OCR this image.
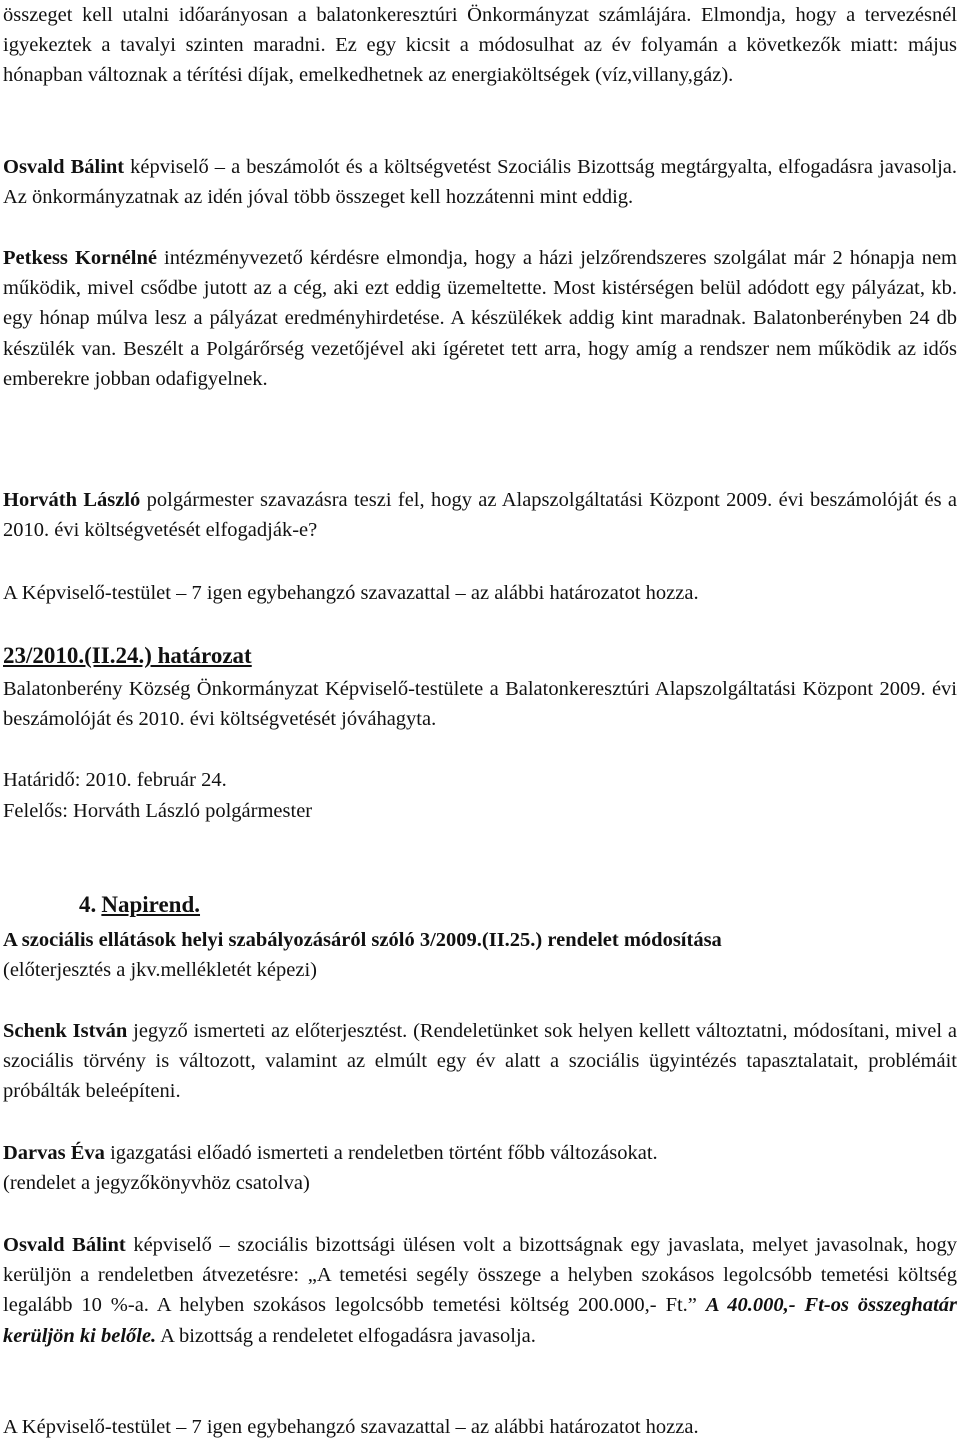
összeget kell utalni időarányosan a balatonkeresztúri Önkormányzat számlájára. Elmondja, hogy a tervezésnél igyekeztek a tavalyi szinten maradni. Ez egy kicsit a módosulhat az év folyamán a következők miatt: május hónapban változnak a térítési díjak, emelkedhetnek az energiaköltségek (víz,villany,gáz).

Osvald Bálint képviselő – a beszámolót és a költségvetést Szociális Bizottság megtárgyalta, elfogadásra javasolja. Az önkormányzatnak az idén jóval több összeget kell hozzátenni mint eddig.

Petkess Kornélné intézményvezető kérdésre elmondja, hogy a házi jelzőrendszeres szolgálat már 2 hónapja nem működik, mivel csődbe jutott az a cég, aki ezt eddig üzemeltette. Most kistérségen belül adódott egy pályázat, kb. egy hónap múlva lesz a pályázat eredményhirdetése. A készülékek addig kint maradnak. Balatonberényben 24 db készülék van. Beszélt a Polgárőrség vezetőjével aki ígéretet tett arra, hogy amíg a rendszer nem működik az idős emberekre jobban odafigyelnek.

Horváth László polgármester szavazásra teszi fel, hogy az Alapszolgáltatási Központ 2009. évi beszámolóját és a 2010. évi költségvetését elfogadják-e?

A Képviselő-testület – 7 igen egybehangzó szavazattal – az alábbi határozatot hozza.

23/2010.(II.24.) határozat

Balatonberény Község Önkormányzat Képviselő-testülete a Balatonkeresztúri Alapszolgáltatási Központ 2009. évi beszámolóját és 2010. évi költségvetését jóváhagyta.

Határidő: 2010. február 24.

Felelős: Horváth László polgármester

4. Napirend.

A szociális ellátások helyi szabályozásáról szóló 3/2009.(II.25.) rendelet módosítása

(előterjesztés a jkv.mellékletét képezi)

Schenk István jegyző ismerteti az előterjesztést. (Rendeletünket sok helyen kellett változtatni, módosítani, mivel a szociális törvény is változott, valamint az elmúlt egy év alatt a szociális ügyintézés tapasztalatait, problémáit próbálták beleépíteni.

Darvas Éva igazgatási előadó ismerteti a rendeletben történt főbb változásokat.

(rendelet a jegyzőkönyvhöz csatolva)

Osvald Bálint képviselő – szociális bizottsági ülésen volt a bizottságnak egy javaslata, melyet javasolnak, hogy kerüljön a rendeletben átvezetésre: „A temetési segély összege a helyben szokásos legolcsóbb temetési költség legalább 10 %-a. A helyben szokásos legolcsóbb temetési költség 200.000,- Ft.” A 40.000,- Ft-os összeghatár kerüljön ki belőle. A bizottság a rendeletet elfogadásra javasolja.

A Képviselő-testület – 7 igen egybehangzó szavazattal – az alábbi határozatot hozza.
